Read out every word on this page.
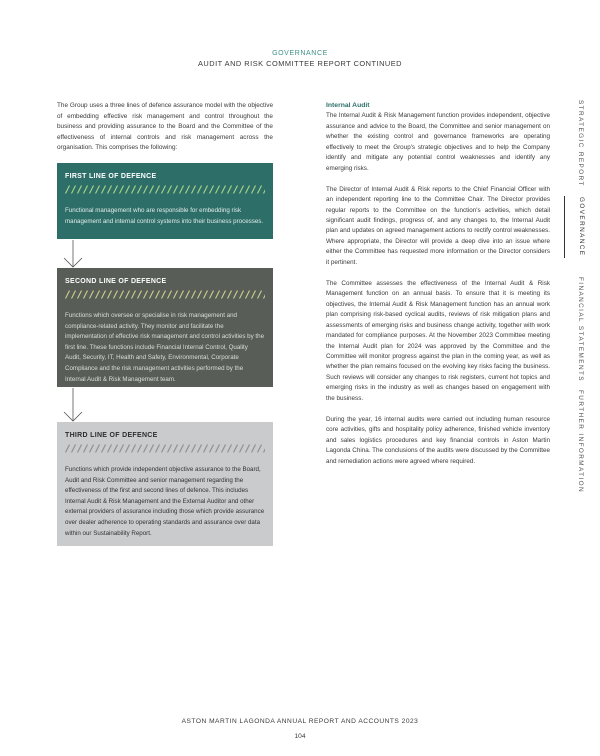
GOVERNANCE
AUDIT AND RISK COMMITTEE REPORT CONTINUED
The Group uses a three lines of defence assurance model with the objective of embedding effective risk management and control throughout the business and providing assurance to the Board and the Committee of the effectiveness of internal controls and risk management across the organisation. This comprises the following:
FIRST LINE OF DEFENCE
Functional management who are responsible for embedding risk management and internal control systems into their business processes.
SECOND LINE OF DEFENCE
Functions which oversee or specialise in risk management and compliance-related activity. They monitor and facilitate the implementation of effective risk management and control activities by the first line. These functions include Financial Internal Control, Quality Audit, Security, IT, Health and Safety, Environmental, Corporate Compliance and the risk management activities performed by the Internal Audit & Risk Management team.
THIRD LINE OF DEFENCE
Functions which provide independent objective assurance to the Board, Audit and Risk Committee and senior management regarding the effectiveness of the first and second lines of defence. This includes Internal Audit & Risk Management and the External Auditor and other external providers of assurance including those which provide assurance over dealer adherence to operating standards and assurance over data within our Sustainability Report.
Internal Audit

The Internal Audit & Risk Management function provides independent, objective assurance and advice to the Board, the Committee and senior management on whether the existing control and governance frameworks are operating effectively to meet the Group's strategic objectives and to help the Company identify and mitigate any potential control weaknesses and identify any emerging risks.

The Director of Internal Audit & Risk reports to the Chief Financial Officer with an independent reporting line to the Committee Chair. The Director provides regular reports to the Committee on the function's activities, which detail significant audit findings, progress of, and any changes to, the Internal Audit plan and updates on agreed management actions to rectify control weaknesses. Where appropriate, the Director will provide a deep dive into an issue where either the Committee has requested more information or the Director considers it pertinent.

The Committee assesses the effectiveness of the Internal Audit & Risk Management function on an annual basis. To ensure that it is meeting its objectives, the Internal Audit & Risk Management function has an annual work plan comprising risk-based cyclical audits, reviews of risk mitigation plans and assessments of emerging risks and business change activity, together with work mandated for compliance purposes. At the November 2023 Committee meeting the Internal Audit plan for 2024 was approved by the Committee and the Committee will monitor progress against the plan in the coming year, as well as whether the plan remains focused on the evolving key risks facing the business. Such reviews will consider any changes to risk registers, current hot topics and emerging risks in the industry as well as changes based on engagement with the business.

During the year, 16 internal audits were carried out including human resource core activities, gifts and hospitality policy adherence, finished vehicle inventory and sales logistics procedures and key financial controls in Aston Martin Lagonda China. The conclusions of the audits were discussed by the Committee and remediation actions were agreed where required.

STRATEGIC REPORT
GOVERNANCE
FINANCIAL STATEMENTS
FURTHER INFORMATION
ASTON MARTIN LAGONDA ANNUAL REPORT AND ACCOUNTS 2023
104
